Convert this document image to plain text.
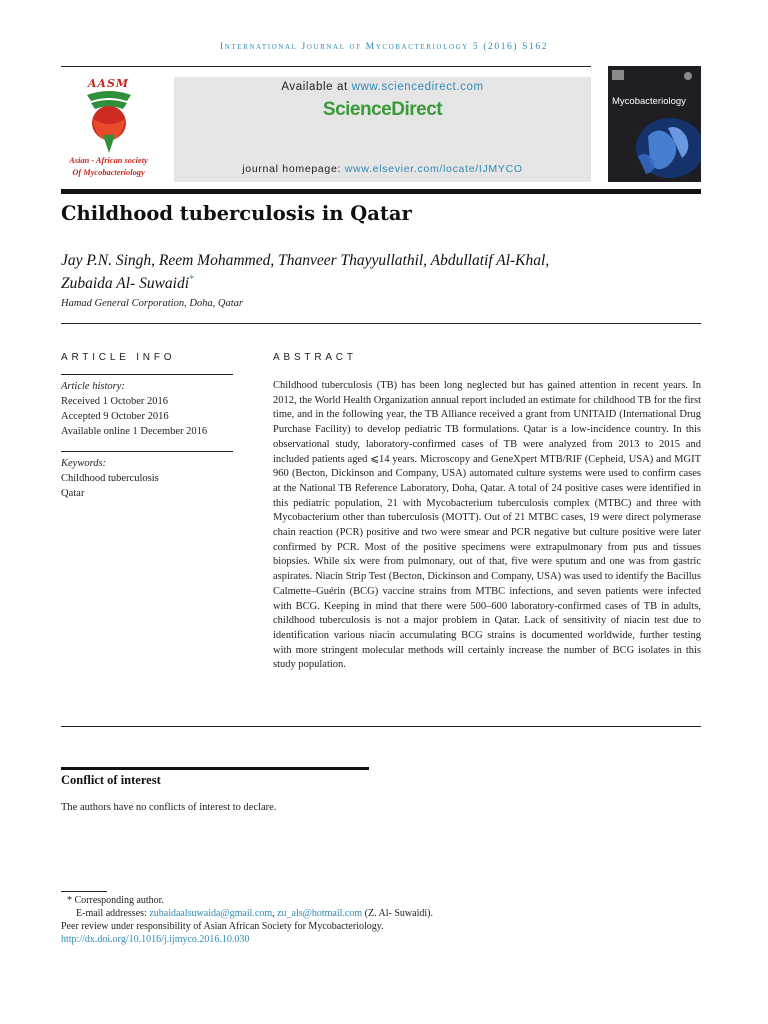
International Journal of Mycobacteriology 5 (2016) S162
AASM
Asian - African society
Of Mycobacteriology
Available at www.sciencedirect.com
ScienceDirect
journal homepage: www.elsevier.com/locate/IJMYCO
Mycobacteriology
Childhood tuberculosis in Qatar
Jay P.N. Singh, Reem Mohammed, Thanveer Thayyullathil, Abdullatif Al-Khal,
Zubaida Al- Suwaidi*
Hamad General Corporation, Doha, Qatar
ARTICLE INFO	ABSTRACT
Article history:
Received 1 October 2016
Accepted 9 October 2016
Available online 1 December 2016
Keywords:
Childhood tuberculosis
Qatar
Childhood tuberculosis (TB) has been long neglected but has gained attention in recent years. In 2012, the World Health Organization annual report included an estimate for childhood TB for the first time, and in the following year, the TB Alliance received a grant from UNITAID (International Drug Purchase Facility) to develop pediatric TB formulations. Qatar is a low-incidence country. In this observational study, laboratory-confirmed cases of TB were analyzed from 2013 to 2015 and included patients aged ⩽14 years. Microscopy and GeneXpert MTB/RIF (Cepheid, USA) and MGIT 960 (Becton, Dickinson and Company, USA) automated culture systems were used to confirm cases at the National TB Reference Laboratory, Doha, Qatar. A total of 24 positive cases were identified in this pediatric population, 21 with Mycobacterium tuberculosis complex (MTBC) and three with Mycobacterium other than tuberculosis (MOTT). Out of 21 MTBC cases, 19 were direct polymerase chain reaction (PCR) positive and two were smear and PCR negative but culture positive were later confirmed by PCR. Most of the positive specimens were extrapulmonary from pus and tissues biopsies. While six were from pulmonary, out of that, five were sputum and one was from gastric aspirates. Niacin Strip Test (Becton, Dickinson and Company, USA) was used to identify the Bacillus Calmette–Guérin (BCG) vaccine strains from MTBC infections, and seven patients were infected with BCG. Keeping in mind that there were 500–600 laboratory-confirmed cases of TB in adults, childhood tuberculosis is not a major problem in Qatar. Lack of sensitivity of niacin test due to identification various niacin accumulating BCG strains is documented worldwide, further testing with more stringent molecular methods will certainly increase the number of BCG isolates in this study population.
Conflict of interest
The authors have no conflicts of interest to declare.
* Corresponding author.
E-mail addresses: zubaidaalsuwaida@gmail.com, zu_als@hotmail.com (Z. Al- Suwaidi).
Peer review under responsibility of Asian African Society for Mycobacteriology.
http://dx.doi.org/10.1016/j.ijmyco.2016.10.030
